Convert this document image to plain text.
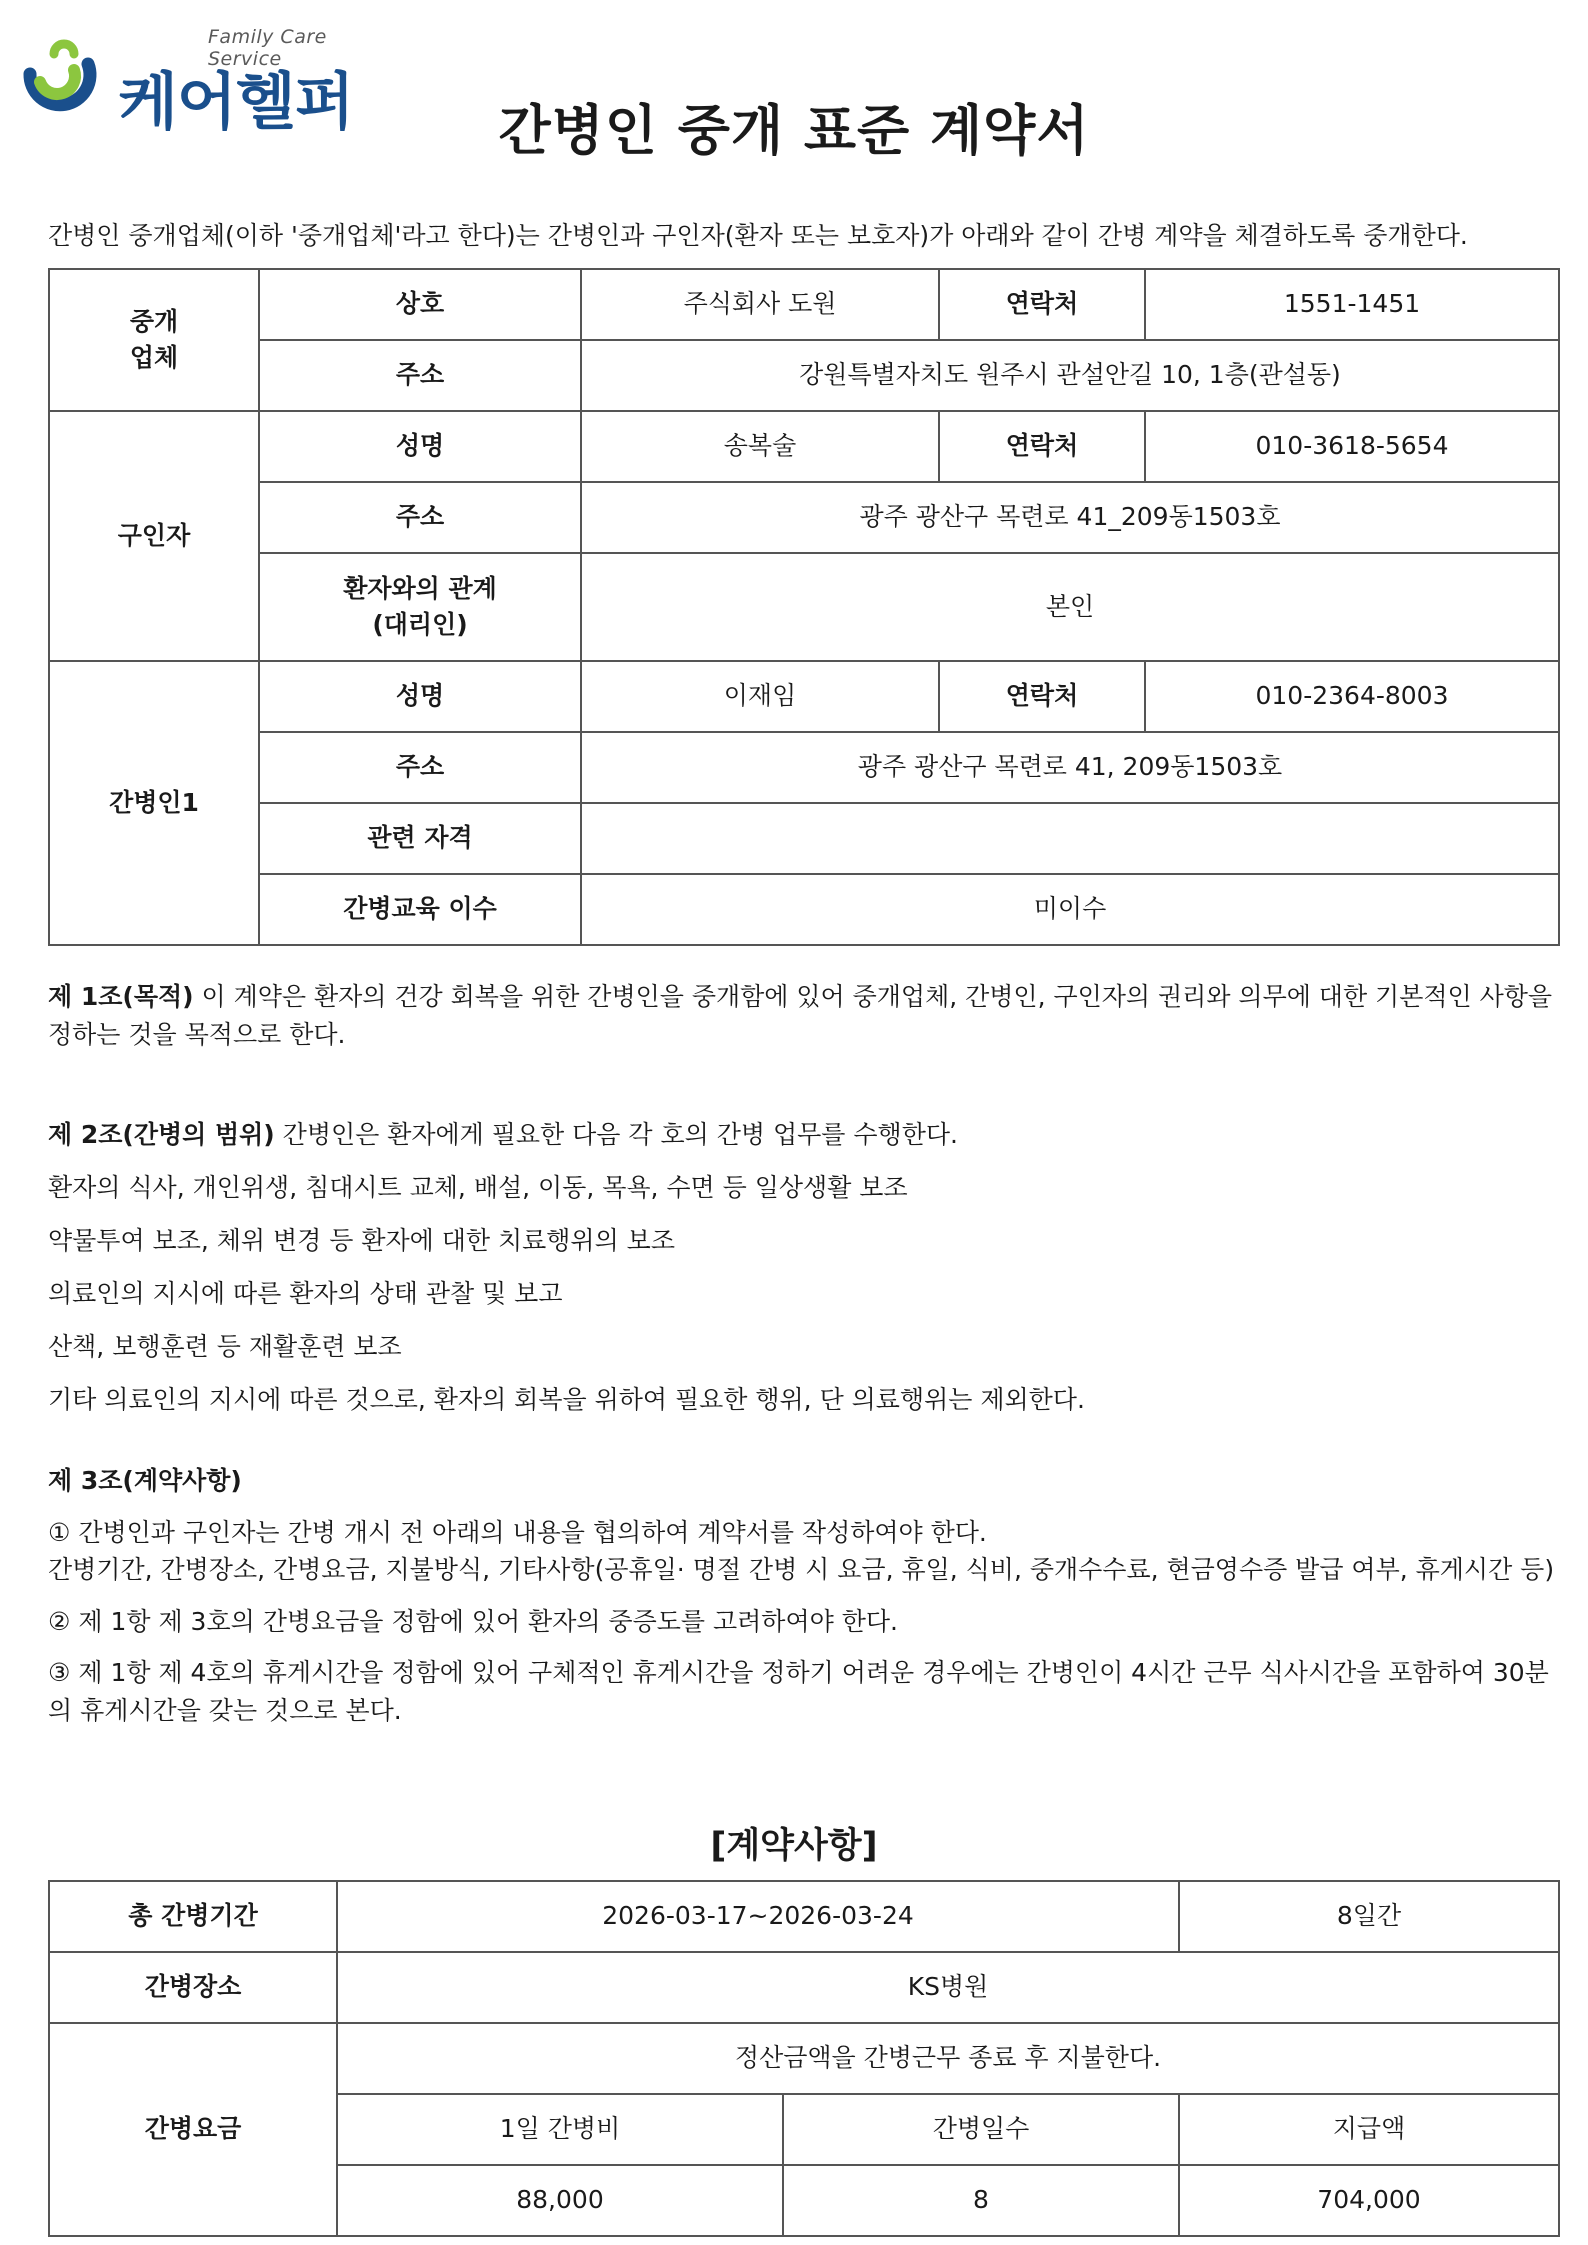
Family Care Service
케어헬퍼	간병인 중개 표준 계약서
간병인 중개업체(이하 '중개업체'라고 한다)는 간병인과 구인자(환자 또는 보호자)가 아래와 같이 간병 계약을 체결하도록 중개한다.
중개
업체	상호	주식회사 도원	연락처	1551-1451
	주소	강원특별자치도 원주시 관설안길 10, 1층(관설동)		
구인자	성명	송복술	연락처	010-3618-5654
	주소	광주 광산구 목련로 41_209동1503호		
	환자와의 관계
(대리인)	본인		
간병인1	성명	이재임	연락처	010-2364-8003
	주소	광주 광산구 목련로 41, 209동1503호		
	관련 자격			
	간병교육 이수	미이수		

제 1조(목적) 이 계약은 환자의 건강 회복을 위한 간병인을 중개함에 있어 중개업체, 간병인, 구인자의 권리와 의무에 대한 기본적인 사항을 정하는 것을 목적으로 한다.

제 2조(간병의 범위) 간병인은 환자에게 필요한 다음 각 호의 간병 업무를 수행한다.

환자의 식사, 개인위생, 침대시트 교체, 배설, 이동, 목욕, 수면 등 일상생활 보조

약물투여 보조, 체위 변경 등 환자에 대한 치료행위의 보조

의료인의 지시에 따른 환자의 상태 관찰 및 보고

산책, 보행훈련 등 재활훈련 보조

기타 의료인의 지시에 따른 것으로, 환자의 회복을 위하여 필요한 행위, 단 의료행위는 제외한다.

제 3조(계약사항)

① 간병인과 구인자는 간병 개시 전 아래의 내용을 협의하여 계약서를 작성하여야 한다.

간병기간, 간병장소, 간병요금, 지불방식, 기타사항(공휴일· 명절 간병 시 요금, 휴일, 식비, 중개수수료, 현금영수증 발급 여부, 휴게시간 등)

② 제 1항 제 3호의 간병요금을 정함에 있어 환자의 중증도를 고려하여야 한다.

③ 제 1항 제 4호의 휴게시간을 정함에 있어 구체적인 휴게시간을 정하기 어려운 경우에는 간병인이 4시간 근무 식사시간을 포함하여 30분의 휴게시간을 갖는 것으로 본다.

[계약사항]
총 간병기간	2026-03-17~2026-03-24		8일간
간병장소	KS병원		
간병요금	정산금액을 간병근무 종료 후 지불한다.		
	1일 간병비	간병일수	지급액
	88,000	8	704,000
